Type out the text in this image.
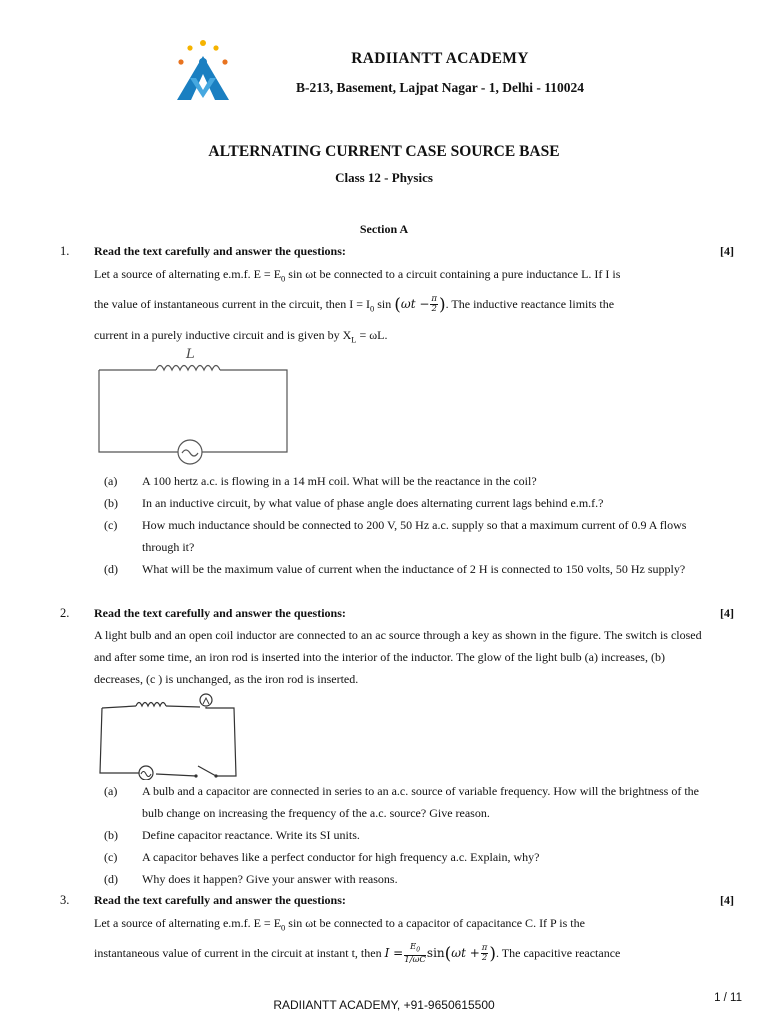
RADIIANTT ACADEMY
B-213, Basement, Lajpat Nagar - 1, Delhi - 110024
ALTERNATING CURRENT CASE SOURCE BASE
Class 12 - Physics
Section A
1. Read the text carefully and answer the questions:	[4]
Let a source of alternating e.m.f. $E = E_0$ sin ωt be connected to a circuit containing a pure inductance L. If I is
the value of instantaneous current in the circuit, then $I = I_0$ $\sin (\omega t - \frac{\pi}{2}$ ). The inductive reactance limits the
current in a purely inductive circuit and is given by $X_L = \omega L$.
L
(a) A 100 hertz a.c. is flowing in a 14 mH coil. What will be the reactance in the coil?
(b) In an inductive circuit, by what value of phase angle does alternating current lags behind e.m.f.?
(c) How much inductance should be connected to 200 V, 50 Hz a.c. supply so that a maximum current of 0.9 A flows through it?
(d) What will be the maximum value of current when the inductance of 2 H is connected to 150 volts, 50 Hz supply?
2. Read the text carefully and answer the questions:	[4]
A light bulb and an open coil inductor are connected to an ac source through a key as shown in the figure. The switch is closed and after some time, an iron rod is inserted into the interior of the inductor. The glow of the light bulb (a) increases, (b) decreases, (c ) is unchanged, as the iron rod is inserted.
(a) A bulb and a capacitor are connected in series to an a.c. source of variable frequency. How will the brightness of the bulb change on increasing the frequency of the a.c. source? Give reason.
(b) Define capacitor reactance. Write its SI units.
(c) A capacitor behaves like a perfect conductor for high frequency a.c. Explain, why?
(d) Why does it happen? Give your answer with reasons.
3. Read the text carefully and answer the questions:	[4]
Let a source of alternating e.m.f. $E = E_0$ sin ωt be connected to a capacitor of capacitance C. If P is the
instantaneous value of current in the circuit at instant t, then $I = \frac{E_0}{1/\omega C} \sin(\omega t + \frac{\pi}{2}$ ). The capacitive reactance
RADIIANTT ACADEMY, +91-9650615500	1 / 11
